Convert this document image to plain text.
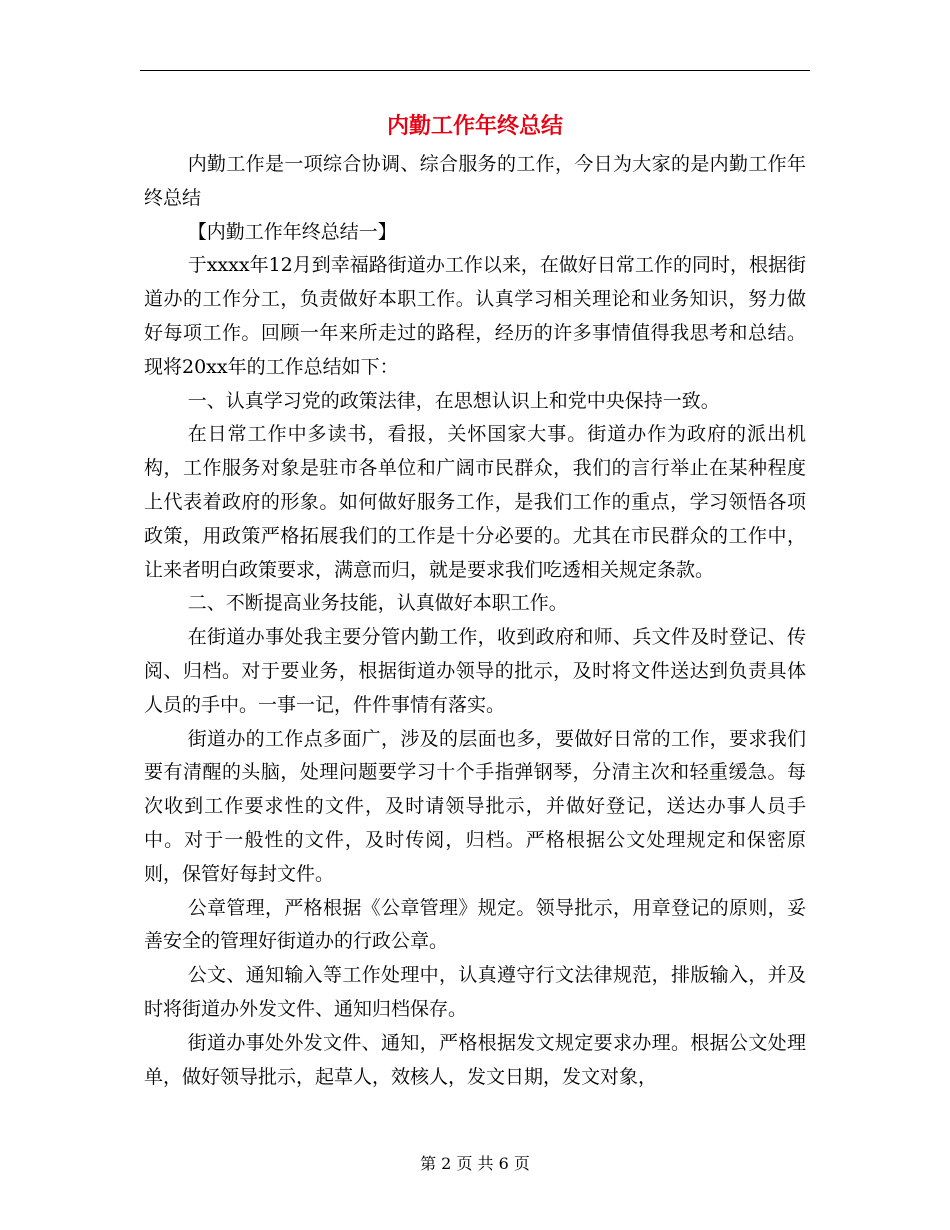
内勤工作年终总结

内勤工作是一项综合协调、综合服务的工作，今日为大家的是内勤工作年终总结

【内勤工作年终总结一】

于xxxx年12月到幸福路街道办工作以来，在做好日常工作的同时，根据街道办的工作分工，负责做好本职工作。认真学习相关理论和业务知识，努力做好每项工作。回顾一年来所走过的路程，经历的许多事情值得我思考和总结。现将20xx年的工作总结如下：

一、认真学习党的政策法律，在思想认识上和党中央保持一致。

在日常工作中多读书，看报，关怀国家大事。街道办作为政府的派出机构，工作服务对象是驻市各单位和广阔市民群众，我们的言行举止在某种程度上代表着政府的形象。如何做好服务工作，是我们工作的重点，学习领悟各项政策，用政策严格拓展我们的工作是十分必要的。尤其在市民群众的工作中，让来者明白政策要求，满意而归，就是要求我们吃透相关规定条款。

二、不断提高业务技能，认真做好本职工作。

在街道办事处我主要分管内勤工作，收到政府和师、兵文件及时登记、传阅、归档。对于要业务，根据街道办领导的批示，及时将文件送达到负责具体人员的手中。一事一记，件件事情有落实。

街道办的工作点多面广，涉及的层面也多，要做好日常的工作，要求我们要有清醒的头脑，处理问题要学习十个手指弹钢琴，分清主次和轻重缓急。每次收到工作要求性的文件，及时请领导批示，并做好登记，送达办事人员手中。对于一般性的文件，及时传阅，归档。严格根据公文处理规定和保密原则，保管好每封文件。

公章管理，严格根据《公章管理》规定。领导批示，用章登记的原则，妥善安全的管理好街道办的行政公章。

公文、通知输入等工作处理中，认真遵守行文法律规范，排版输入，并及时将街道办外发文件、通知归档保存。

街道办事处外发文件、通知，严格根据发文规定要求办理。根据公文处理单，做好领导批示，起草人，效核人，发文日期，发文对象，

第 2 页 共 6 页
